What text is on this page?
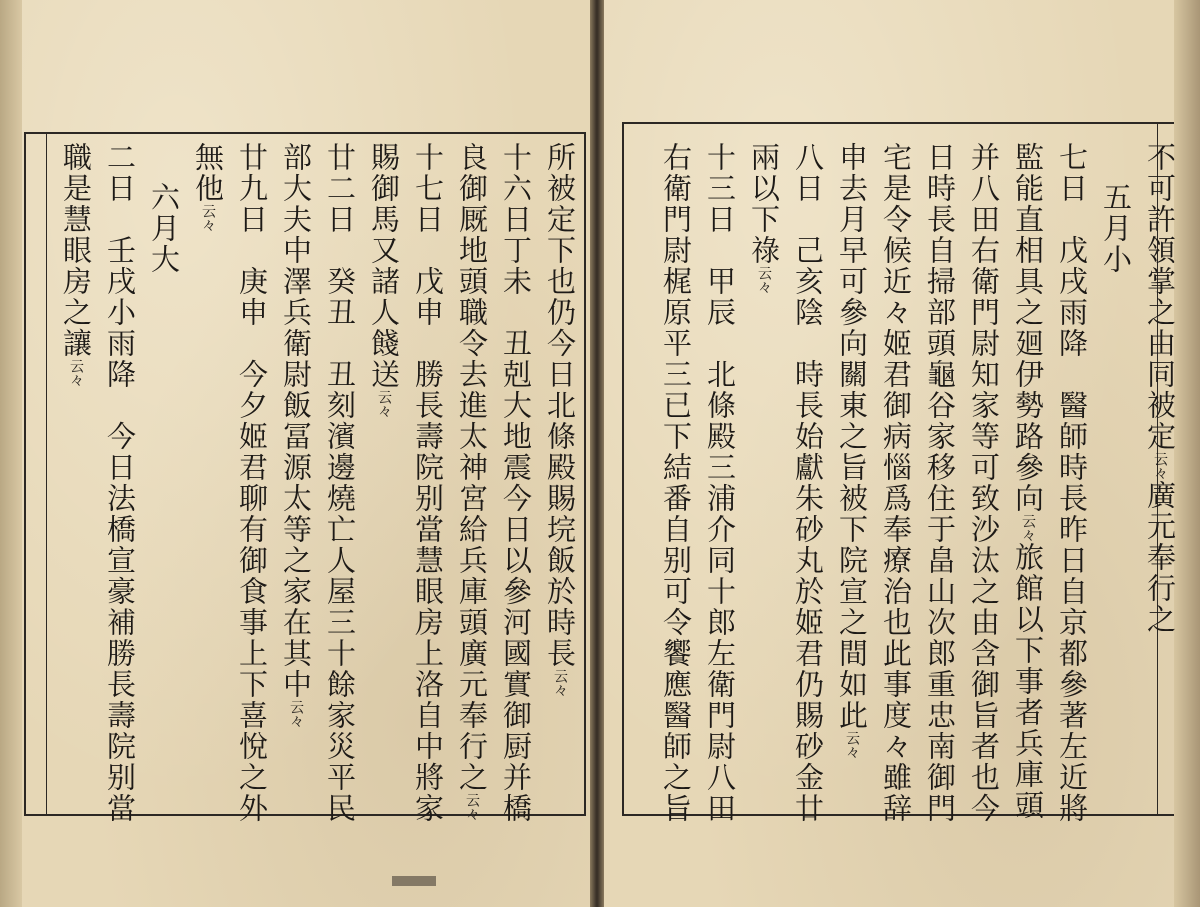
所被定下也仍今日北條殿賜垸飯於時長云々
十六日丁未　丑剋大地震今日以參河國實御厨并橋
良御厩地頭職令去進太神宮給兵庫頭廣元奉行之云々
十七日　戊申　勝長壽院别當慧眼房上洛自中將家
賜御馬又諸人餞送云々
廿二日　癸丑　丑刻濱邊燒亡人屋三十餘家災平民
部大夫中澤兵衛尉飯冨源太等之家在其中云々
廿九日　庚申　今夕姬君聊有御食事上下喜悅之外
無他云々
六月大
二日　壬戌小雨降　今日法橋宣豪補勝長壽院别當
職是慧眼房之讓云々	不可許領掌之由同被定云々廣元奉行之
五月小
七日　戊戌雨降　醫師時長昨日自京都參著左近將
監能直相具之廻伊勢路參向云々旅館以下事者兵庫頭
并八田右衛門尉知家等可致沙汰之由含御旨者也今
日時長自掃部頭龜谷家移住于畠山次郎重忠南御門
宅是令候近々姬君御病惱爲奉療治也此事度々雖辞
申去月早可參向關東之旨被下院宣之間如此云々
八日　己亥陰　時長始獻朱砂丸於姬君仍賜砂金廿
兩以下祿云々
十三日　甲辰　北條殿三浦介同十郎左衛門尉八田
右衛門尉梶原平三已下結番自别可令饗應醫師之旨
